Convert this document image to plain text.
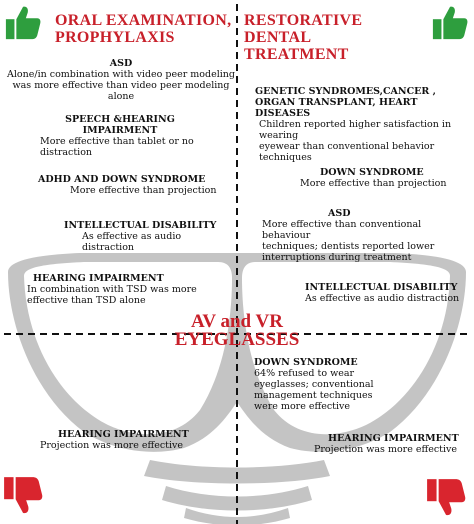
ORAL EXAMINATION,
PROPHYLAXIS
RESTORATIVE DENTAL
TREATMENT
AV and VR
EYEGLASSES
ASD
Alone/in combination with video peer modeling
was more effective than video peer modeling alone
SPEECH &HEARING
IMPAIRMENT
More effective than tablet or no distraction
ADHD AND DOWN SYNDROME
More effective than projection
INTELLECTUAL DISABILITY
As effective as audio distraction
HEARING IMPAIRMENT
In combination with TSD was more
effective than TSD alone
GENETIC SYNDROMES,CANCER ,
ORGAN TRANSPLANT, HEART DISEASES
Children reported higher satisfaction in wearing
eyewear than conventional behavior techniques
DOWN SYNDROME
More effective than projection
ASD
More effective than conventional behaviour
techniques; dentists reported lower
interruptions during treatment
INTELLECTUAL DISABILITY
As effective as audio distraction
HEARING IMPAIRMENT
Projection was more effective
DOWN SYNDROME
64% refused to wear
eyeglasses; conventional
management techniques
were more effective
HEARING IMPAIRMENT
Projection was more effective
